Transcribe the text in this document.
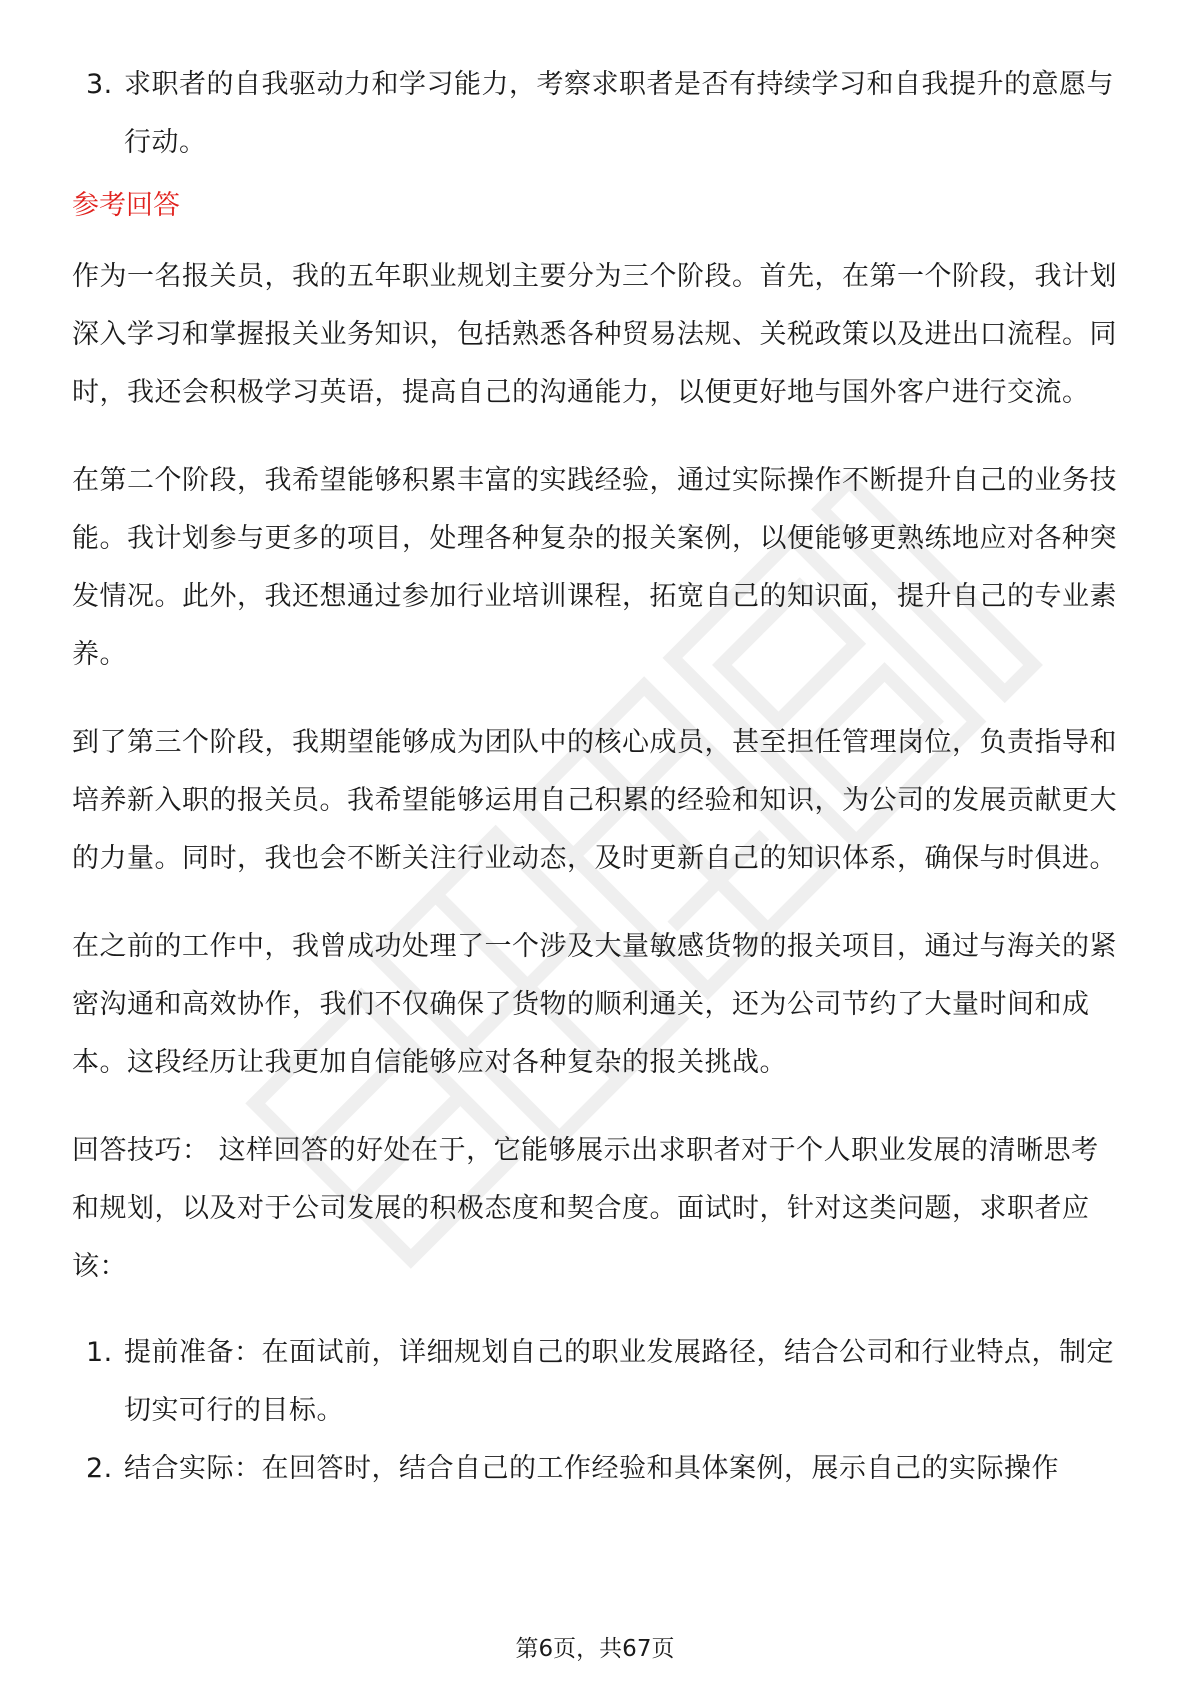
3. 求职者的自我驱动力和学习能力，考察求职者是否有持续学习和自我提升的意愿与行动。
参考回答

作为一名报关员，我的五年职业规划主要分为三个阶段。首先，在第一个阶段，我计划深入学习和掌握报关业务知识，包括熟悉各种贸易法规、关税政策以及进出口流程。同时，我还会积极学习英语，提高自己的沟通能力，以便更好地与国外客户进行交流。

在第二个阶段，我希望能够积累丰富的实践经验，通过实际操作不断提升自己的业务技能。我计划参与更多的项目，处理各种复杂的报关案例，以便能够更熟练地应对各种突发情况。此外，我还想通过参加行业培训课程，拓宽自己的知识面，提升自己的专业素养。

到了第三个阶段，我期望能够成为团队中的核心成员，甚至担任管理岗位，负责指导和培养新入职的报关员。我希望能够运用自己积累的经验和知识，为公司的发展贡献更大的力量。同时，我也会不断关注行业动态，及时更新自己的知识体系，确保与时俱进。

在之前的工作中，我曾成功处理了一个涉及大量敏感货物的报关项目，通过与海关的紧密沟通和高效协作，我们不仅确保了货物的顺利通关，还为公司节约了大量时间和成本。这段经历让我更加自信能够应对各种复杂的报关挑战。

回答技巧： 这样回答的好处在于，它能够展示出求职者对于个人职业发展的清晰思考和规划，以及对于公司发展的积极态度和契合度。面试时，针对这类问题，求职者应该：

1. 提前准备：在面试前，详细规划自己的职业发展路径，结合公司和行业特点，制定切实可行的目标。
2. 结合实际：在回答时，结合自己的工作经验和具体案例，展示自己的实际操作
第6页，共67页
